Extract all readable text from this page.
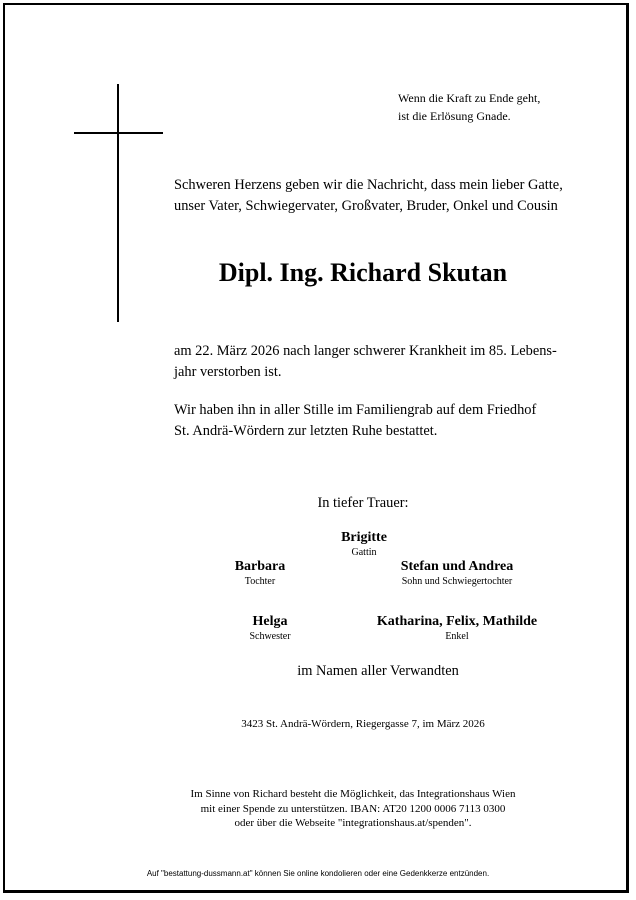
Wenn die Kraft zu Ende geht,
ist die Erlösung Gnade.
Schweren Herzens geben wir die Nachricht, dass mein lieber Gatte,
unser Vater, Schwiegervater, Großvater, Bruder, Onkel und Cousin
Dipl. Ing. Richard Skutan
am 22. März 2026 nach langer schwerer Krankheit im 85. Lebens-
jahr verstorben ist.
Wir haben ihn in aller Stille im Familiengrab auf dem Friedhof
St. Andrä-Wördern zur letzten Ruhe bestattet.
In tiefer Trauer:
Brigitte
Gattin
Barbara
Tochter
Stefan und Andrea
Sohn und Schwiegertochter
Helga
Schwester
Katharina, Felix, Mathilde
Enkel
im Namen aller Verwandten
3423 St. Andrä-Wördern, Riegergasse 7, im März 2026
Im Sinne von Richard besteht die Möglichkeit, das Integrationshaus Wien
mit einer Spende zu unterstützen. IBAN: AT20 1200 0006 7113 0300
oder über die Webseite "integrationshaus.at/spenden".
Auf "bestattung-dussmann.at" können Sie online kondolieren oder eine Gedenkkerze entzünden.
